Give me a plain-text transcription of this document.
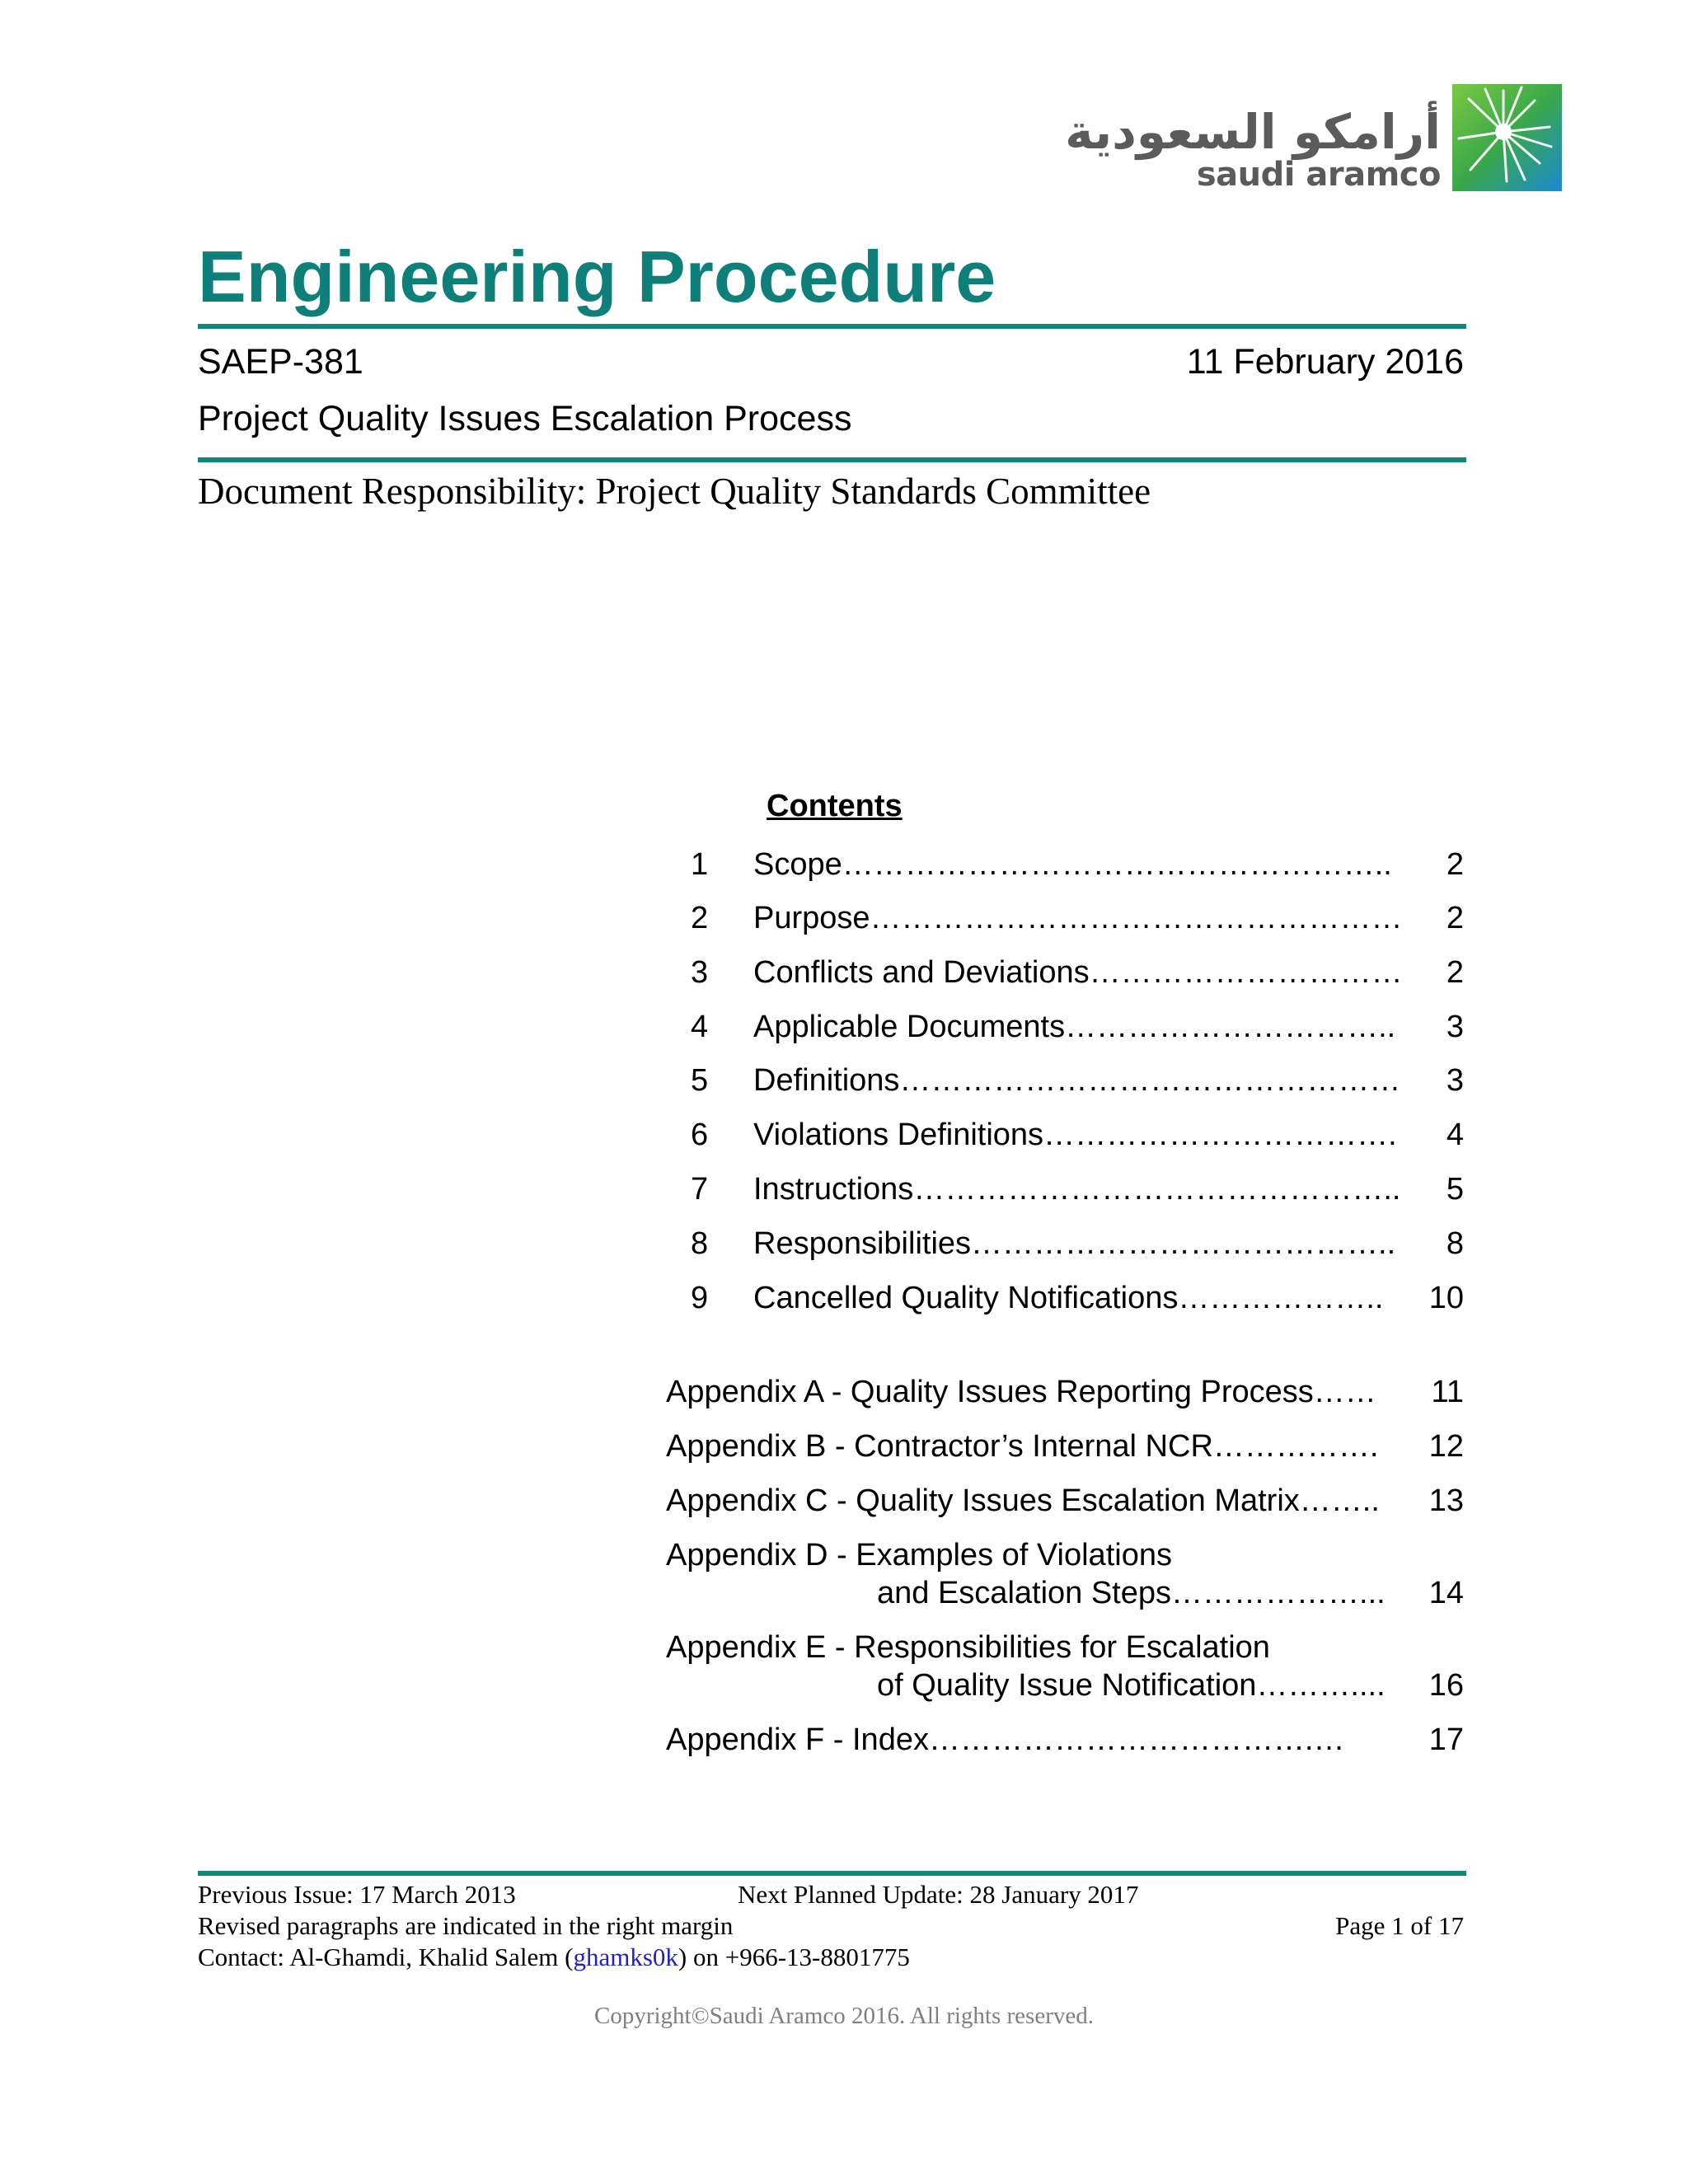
أرامكو السعودية
saudi aramco
Engineering Procedure
SAEP-381	11 February 2016
Project Quality Issues Escalation Process
Document Responsibility: Project Quality Standards Committee
Contents
1 Scope…………………………………………….. 2
2 Purpose…………………………………………… 2
3 Conflicts and Deviations………………………… 2
4 Applicable Documents………………………….. 3
5 Definitions………………………………………… 3
6 Violations Definitions……………………………. 4
7 Instructions……………………………………….. 5
8 Responsibilities………………………………….. 8
9 Cancelled Quality Notifications……………….. 10
Appendix A - Quality Issues Reporting Process…… 11
Appendix B - Contractor’s Internal NCR……………. 12
Appendix C - Quality Issues Escalation Matrix…….. 13
Appendix D - Examples of Violations
and Escalation Steps………………... 14
Appendix E - Responsibilities for Escalation
of Quality Issue Notification……….... 16
Appendix F - Index……………………………….…	17
Previous Issue: 17 March 2013	Next Planned Update: 28 January 2017
Revised paragraphs are indicated in the right margin	Page 1 of 17
Contact: Al-Ghamdi, Khalid Salem (ghamks0k) on +966-13-8801775
Copyright©Saudi Aramco 2016. All rights reserved.
